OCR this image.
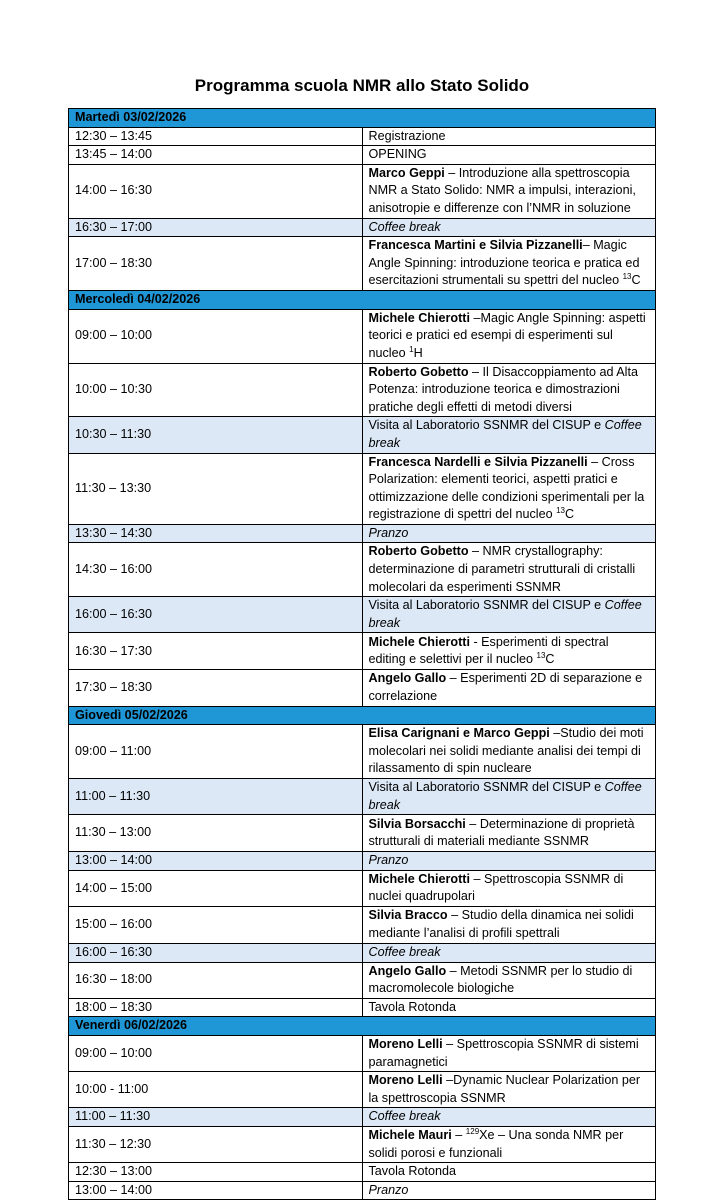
Programma scuola NMR allo Stato Solido
Martedì 03/02/2026	
12:30 – 13:45	Registrazione
13:45 – 14:00	OPENING
14:00 – 16:30	Marco Geppi – Introduzione alla spettroscopia NMR a Stato Solido: NMR a impulsi, interazioni, anisotropie e differenze con l’NMR in soluzione
16:30 – 17:00	Coffee break
17:00 – 18:30	Francesca Martini e Silvia Pizzanelli– Magic Angle Spinning: introduzione teorica e pratica ed esercitazioni strumentali su spettri del nucleo $^{13}$C
Mercoledì 04/02/2026	
09:00 – 10:00	Michele Chierotti –Magic Angle Spinning: aspetti teorici e pratici ed esempi di esperimenti sul nucleo $^1$H
10:00 – 10:30	Roberto Gobetto – Il Disaccoppiamento ad Alta Potenza: introduzione teorica e dimostrazioni pratiche degli effetti di metodi diversi
10:30 – 11:30	Visita al Laboratorio SSNMR del CISUP e Coffee break
11:30 – 13:30	Francesca Nardelli e Silvia Pizzanelli – Cross Polarization: elementi teorici, aspetti pratici e ottimizzazione delle condizioni sperimentali per la registrazione di spettri del nucleo $^{13}$C
13:30 – 14:30	Pranzo
14:30 – 16:00	Roberto Gobetto – NMR crystallography: determinazione di parametri strutturali di cristalli molecolari da esperimenti SSNMR
16:00 – 16:30	Visita al Laboratorio SSNMR del CISUP e Coffee break
16:30 – 17:30	Michele Chierotti - Esperimenti di spectral editing e selettivi per il nucleo $^{13}$C
17:30 – 18:30	Angelo Gallo – Esperimenti 2D di separazione e correlazione
Giovedì 05/02/2026	
09:00 – 11:00	Elisa Carignani e Marco Geppi –Studio dei moti molecolari nei solidi mediante analisi dei tempi di rilassamento di spin nucleare
11:00 – 11:30	Visita al Laboratorio SSNMR del CISUP e Coffee break
11:30 – 13:00	Silvia Borsacchi – Determinazione di proprietà strutturali di materiali mediante SSNMR
13:00 – 14:00	Pranzo
14:00 – 15:00	Michele Chierotti – Spettroscopia SSNMR di nuclei quadrupolari
15:00 – 16:00	Silvia Bracco – Studio della dinamica nei solidi mediante l’analisi di profili spettrali
16:00 – 16:30	Coffee break
16:30 – 18:00	Angelo Gallo – Metodi SSNMR per lo studio di macromolecole biologiche
18:00 – 18:30	Tavola Rotonda
Venerdì 06/02/2026	
09:00 – 10:00	Moreno Lelli – Spettroscopia SSNMR di sistemi paramagnetici
10:00 - 11:00	Moreno Lelli –Dynamic Nuclear Polarization per la spettroscopia SSNMR
11:00 – 11:30	Coffee break
11:30 – 12:30	Michele Mauri – $^{129}$Xe – Una sonda NMR per solidi porosi e funzionali
12:30 – 13:00	Tavola Rotonda
13:00 – 14:00	Pranzo
